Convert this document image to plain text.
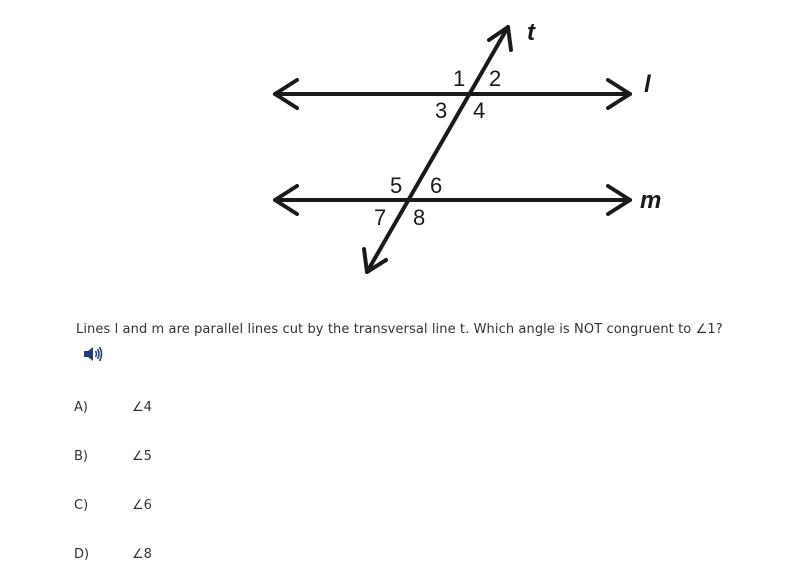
t
l
m
1 2
3 4
5 6
7 8
Lines l and m are parallel lines cut by the transversal line t. Which angle is NOT congruent to ∠1?
A)	∠4
B)	∠5
C)	∠6
D)	∠8
